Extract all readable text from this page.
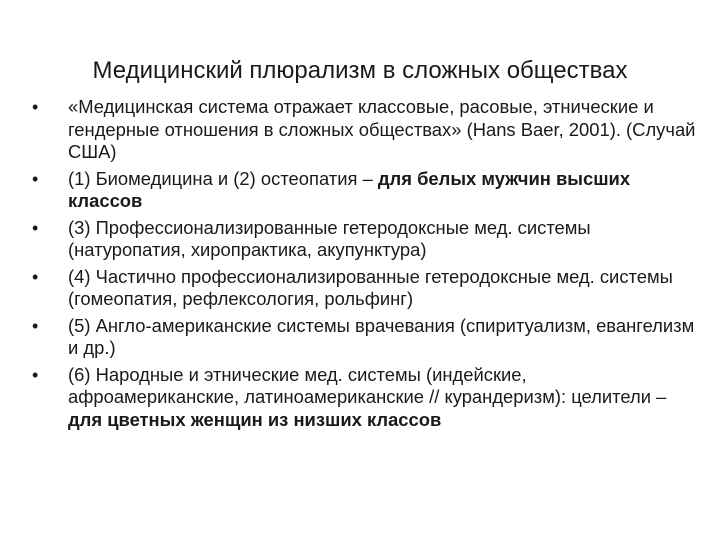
Медицинский плюрализм в сложных обществах
• «Медицинская система отражает классовые, расовые, этнические и гендерные отношения в сложных обществах» (Hans Baer, 2001). (Случай США)
• (1) Биомедицина и (2) остеопатия – для белых мужчин высших классов
• (3) Профессионализированные гетеродоксные мед. системы (натуропатия, хиропрактика, акупунктура)
• (4) Частично профессионализированные гетеродоксные мед. системы (гомеопатия, рефлексология, рольфинг)
• (5) Англо-американские системы врачевания (спиритуализм, евангелизм и др.)
• (6) Народные и этнические мед. системы (индейские, афроамериканские, латиноамериканские // курандеризм): целители – для цветных женщин из низших классов
